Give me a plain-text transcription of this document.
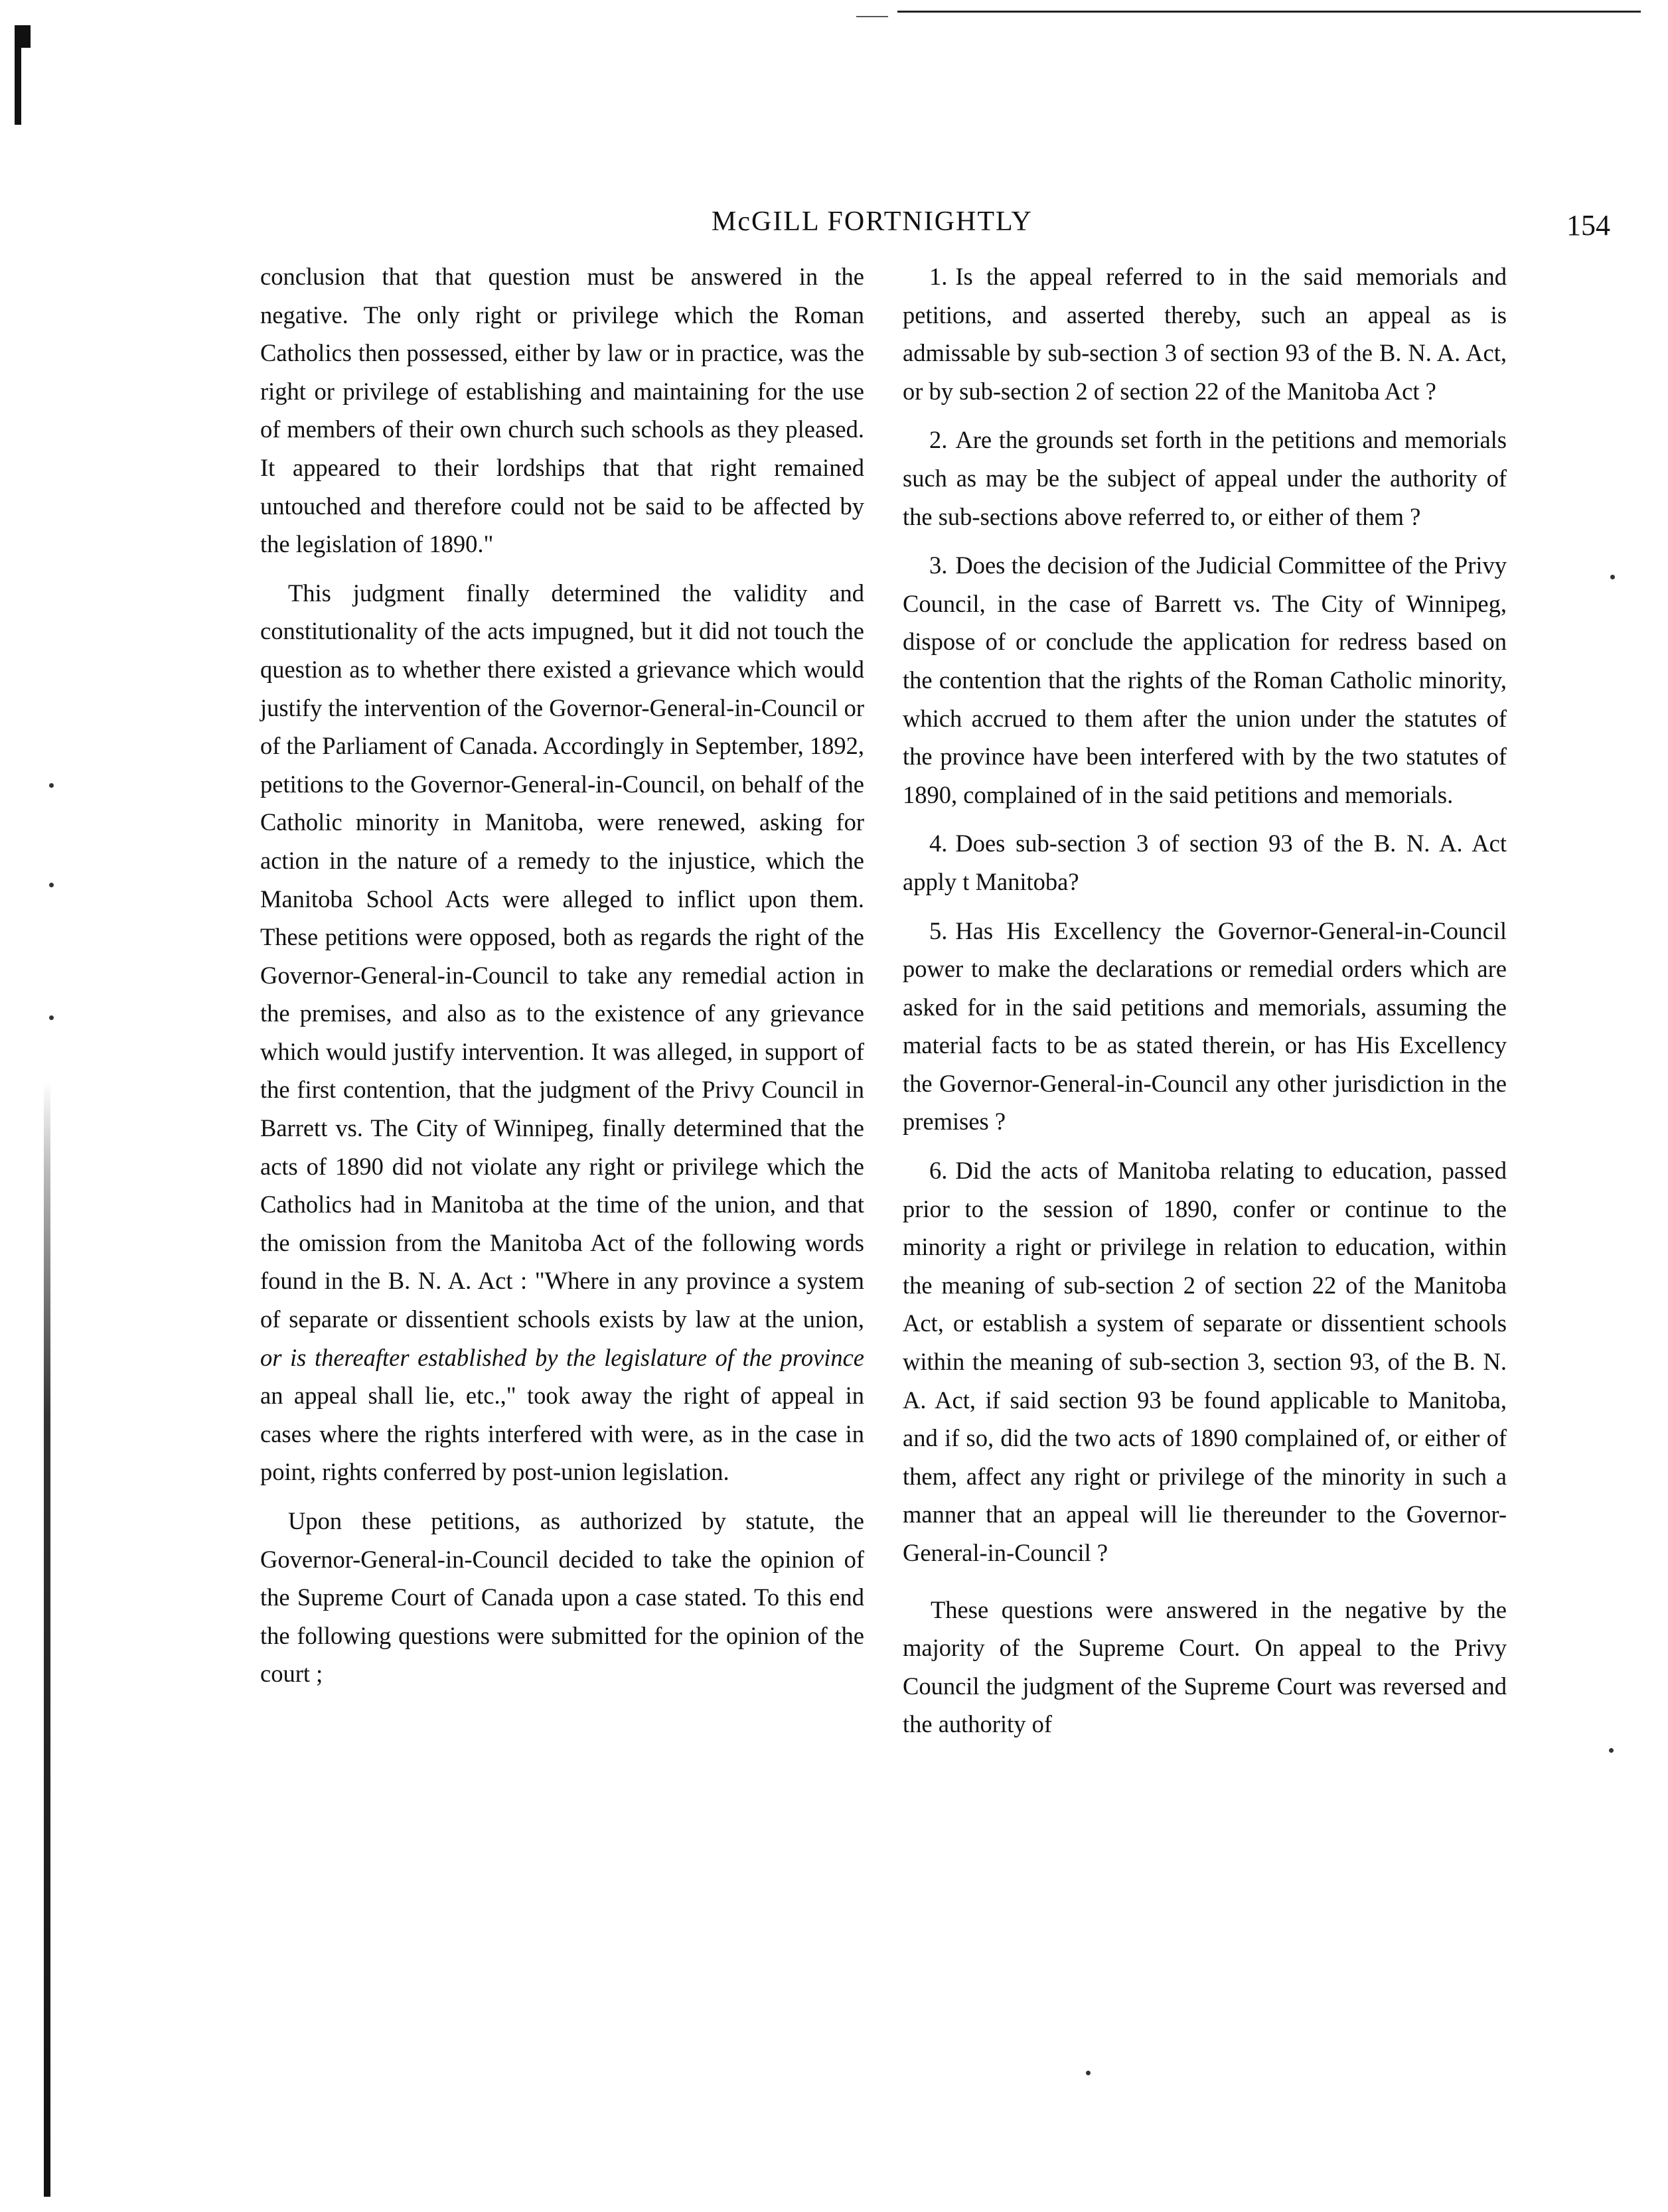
McGILL FORTNIGHTLY	154

conclusion that that question must be answered in the negative. The only right or privilege which the Roman Catholics then possessed, either by law or in practice, was the right or privilege of establishing and maintaining for the use of members of their own church such schools as they pleased. It appeared to their lordships that that right remained untouched and therefore could not be said to be affected by the legislation of 1890."

This judgment finally determined the validity and constitutionality of the acts impugned, but it did not touch the question as to whether there existed a grievance which would justify the intervention of the Governor-General-in-Council or of the Parliament of Canada. Accordingly in September, 1892, petitions to the Governor-General-in-Council, on behalf of the Catholic minority in Manitoba, were renewed, asking for action in the nature of a remedy to the injustice, which the Manitoba School Acts were alleged to inflict upon them. These petitions were opposed, both as regards the right of the Governor-General-in-Council to take any remedial action in the premises, and also as to the existence of any grievance which would justify intervention. It was alleged, in support of the first contention, that the judgment of the Privy Council in Barrett vs. The City of Winnipeg, finally determined that the acts of 1890 did not violate any right or privilege which the Catholics had in Manitoba at the time of the union, and that the omission from the Manitoba Act of the following words found in the B. N. A. Act : "Where in any province a system of separate or dissentient schools exists by law at the union, or is thereafter established by the legislature of the province an appeal shall lie, etc.," took away the right of appeal in cases where the rights interfered with were, as in the case in point, rights conferred by post-union legislation.

Upon these petitions, as authorized by statute, the Governor-General-in-Council decided to take the opinion of the Supreme Court of Canada upon a case stated. To this end the following questions were submitted for the opinion of the court ;

1. Is the appeal referred to in the said memorials and petitions, and asserted thereby, such an appeal as is admissable by sub-section 3 of section 93 of the B. N. A. Act, or by sub-section 2 of section 22 of the Manitoba Act ?

2. Are the grounds set forth in the petitions and memorials such as may be the subject of appeal under the authority of the sub-sections above referred to, or either of them ?

3. Does the decision of the Judicial Committee of the Privy Council, in the case of Barrett vs. The City of Winnipeg, dispose of or conclude the application for redress based on the contention that the rights of the Roman Catholic minority, which accrued to them after the union under the statutes of the province have been interfered with by the two statutes of 1890, complained of in the said petitions and memorials.

4. Does sub-section 3 of section 93 of the B. N. A. Act apply t Manitoba?

5. Has His Excellency the Governor-General-in-Council power to make the declarations or remedial orders which are asked for in the said petitions and memorials, assuming the material facts to be as stated therein, or has His Excellency the Governor-General-in-Council any other jurisdiction in the premises ?

6. Did the acts of Manitoba relating to education, passed prior to the session of 1890, confer or continue to the minority a right or privilege in relation to education, within the meaning of sub-section 2 of section 22 of the Manitoba Act, or establish a system of separate or dissentient schools within the meaning of sub-section 3, section 93, of the B. N. A. Act, if said section 93 be found applicable to Manitoba, and if so, did the two acts of 1890 complained of, or either of them, affect any right or privilege of the minority in such a manner that an appeal will lie thereunder to the Governor-General-in-Council ?

These questions were answered in the negative by the majority of the Supreme Court. On appeal to the Privy Council the judgment of the Supreme Court was reversed and the authority of
